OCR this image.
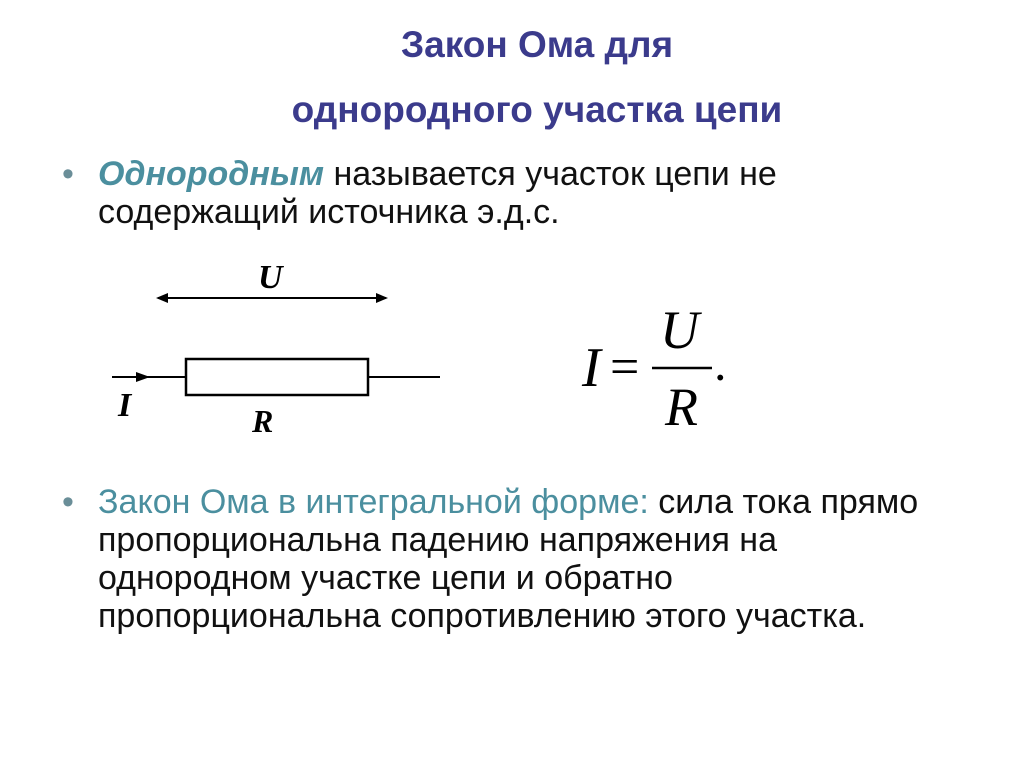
Закон Ома для
однородного участка цепи
• Однородным называется участок цепи не содержащий источника э.д.с.
U
I	R
I =
U
R
.
• Закон Ома в интегральной форме: сила тока прямо пропорциональна падению напряжения на однородном участке цепи и обратно пропорциональна сопротивлению этого участка.
